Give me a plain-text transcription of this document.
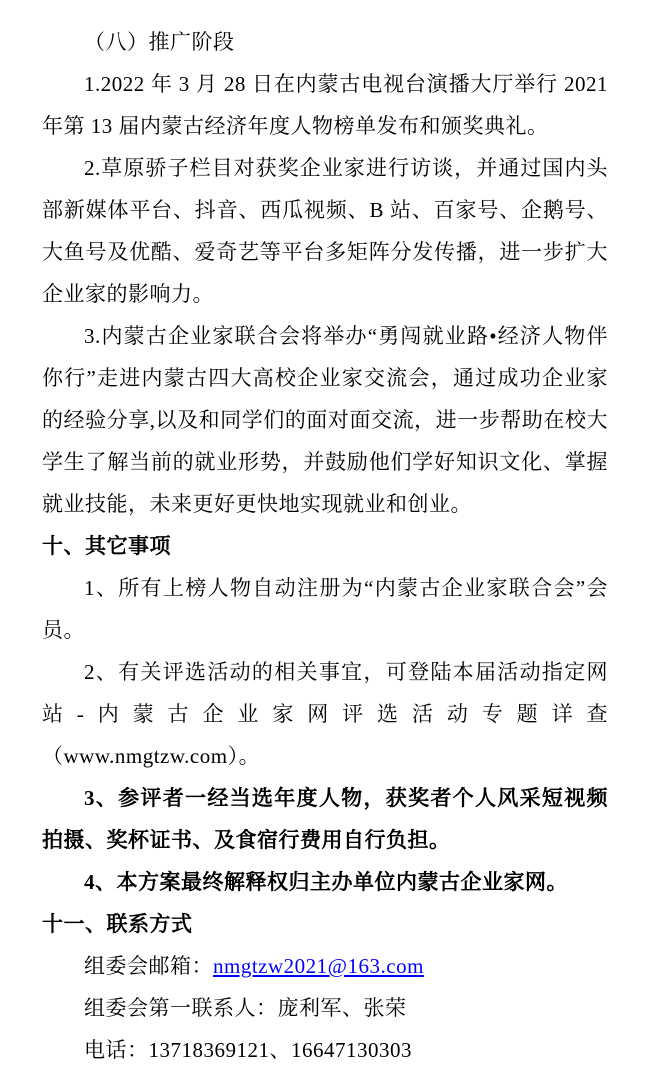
（八）推广阶段

1.2022 年 3 月 28 日在内蒙古电视台演播大厅举行 2021 年第 13 届内蒙古经济年度人物榜单发布和颁奖典礼。

2.草原骄子栏目对获奖企业家进行访谈，并通过国内头部新媒体平台、抖音、西瓜视频、B 站、百家号、企鹅号、大鱼号及优酷、爱奇艺等平台多矩阵分发传播，进一步扩大企业家的影响力。

3.内蒙古企业家联合会将举办“勇闯就业路•经济人物伴你行”走进内蒙古四大高校企业家交流会，通过成功企业家的经验分享,以及和同学们的面对面交流，进一步帮助在校大学生了解当前的就业形势，并鼓励他们学好知识文化、掌握就业技能，未来更好更快地实现就业和创业。

十、其它事项

1、所有上榜人物自动注册为“内蒙古企业家联合会”会员。

2、有关评选活动的相关事宜，可登陆本届活动指定网站-内蒙古企业家网评选活动专题详查（www.nmgtzw.com）。

3、参评者一经当选年度人物，获奖者个人风采短视频拍摄、奖杯证书、及食宿行费用自行负担。

4、本方案最终解释权归主办单位内蒙古企业家网。

十一、联系方式

组委会邮箱：nmgtzw2021@163.com

组委会第一联系人：庞利军、张荣

电话：13718369121、16647130303
